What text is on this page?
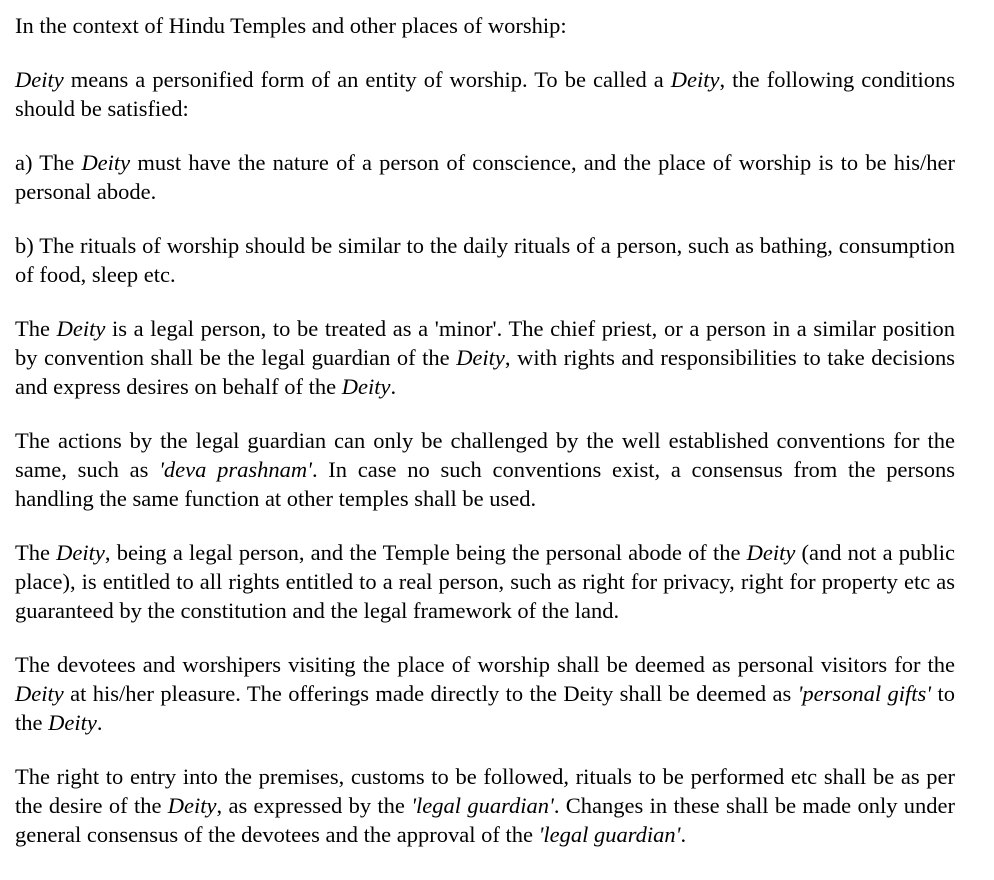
In the context of Hindu Temples and other places of worship:

Deity means a personified form of an entity of worship. To be called a Deity, the following conditions should be satisfied:

a) The Deity must have the nature of a person of conscience, and the place of worship is to be his/her personal abode.

b) The rituals of worship should be similar to the daily rituals of a person, such as bathing, consumption of food, sleep etc.

The Deity is a legal person, to be treated as a 'minor'. The chief priest, or a person in a similar position by convention shall be the legal guardian of the Deity, with rights and responsibilities to take decisions and express desires on behalf of the Deity.

The actions by the legal guardian can only be challenged by the well established conventions for the same, such as 'deva prashnam'. In case no such conventions exist, a consensus from the persons handling the same function at other temples shall be used.

The Deity, being a legal person, and the Temple being the personal abode of the Deity (and not a public place), is entitled to all rights entitled to a real person, such as right for privacy, right for property etc as guaranteed by the constitution and the legal framework of the land.

The devotees and worshipers visiting the place of worship shall be deemed as personal visitors for the Deity at his/her pleasure. The offerings made directly to the Deity shall be deemed as 'personal gifts' to the Deity.

The right to entry into the premises, customs to be followed, rituals to be performed etc shall be as per the desire of the Deity, as expressed by the 'legal guardian'. Changes in these shall be made only under general consensus of the devotees and the approval of the 'legal guardian'.
